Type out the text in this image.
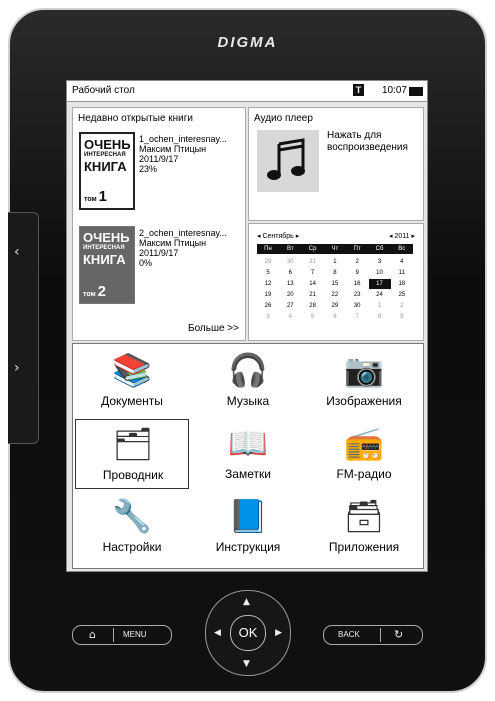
DIGMA
‹
›
Рабочий стол	T 10:07
Недавно открытые книги
ОЧЕНЬ
ИНТЕРЕСНАЯ
КНИГА
том 1
1_ochen_interesnay...
Максим Птицын
2011/9/17
23%
ОЧЕНЬ
ИНТЕРЕСНАЯ
КНИГА
том 2
2_ochen_interesnay...
Максим Птицын
2011/9/17
0%
Больше >>
Аудио плеер
Нажать для воспроизведения
◂ Сентябрь ▸	◂ 2011 ▸
Пн	Вт	Ср	Чт	Пт	Сб	Вс
29	30	31	1	2	3	4
5	6	7	8	9	10	11
12	13	14	15	16	17	18
19	20	21	22	23	24	25
26	27	28	29	30	1	2
3	4	5	6	7	8	9
📚
Документы
🎧
Музыка
📷
Изображения
🗂
Проводник
📖
Заметки
📻
FM-радио
🔧
Настройки
📘
Инструкция
🗃
Приложения
⌂	MENU	BACK	↻
▲
▼
◀	▶
OK
